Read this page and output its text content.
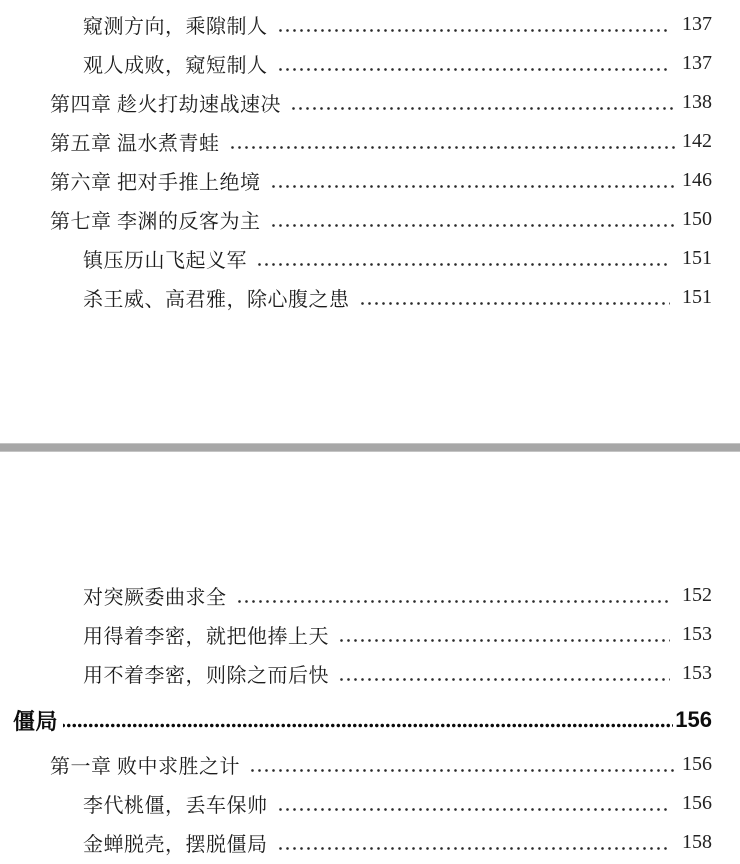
窥测方向，乘隙制人	137
观人成败，窥短制人	137
第四章 趁火打劫速战速决	138
第五章 温水煮青蛙	142
第六章 把对手推上绝境	146
第七章 李渊的反客为主	150
镇压历山飞起义军	151
杀王威、高君雅，除心腹之患	151
对突厥委曲求全	152
用得着李密，就把他捧上天	153
用不着李密，则除之而后快	153
僵局	156
第一章 败中求胜之计	156
李代桃僵，丢车保帅	156
金蝉脱壳，摆脱僵局	158
